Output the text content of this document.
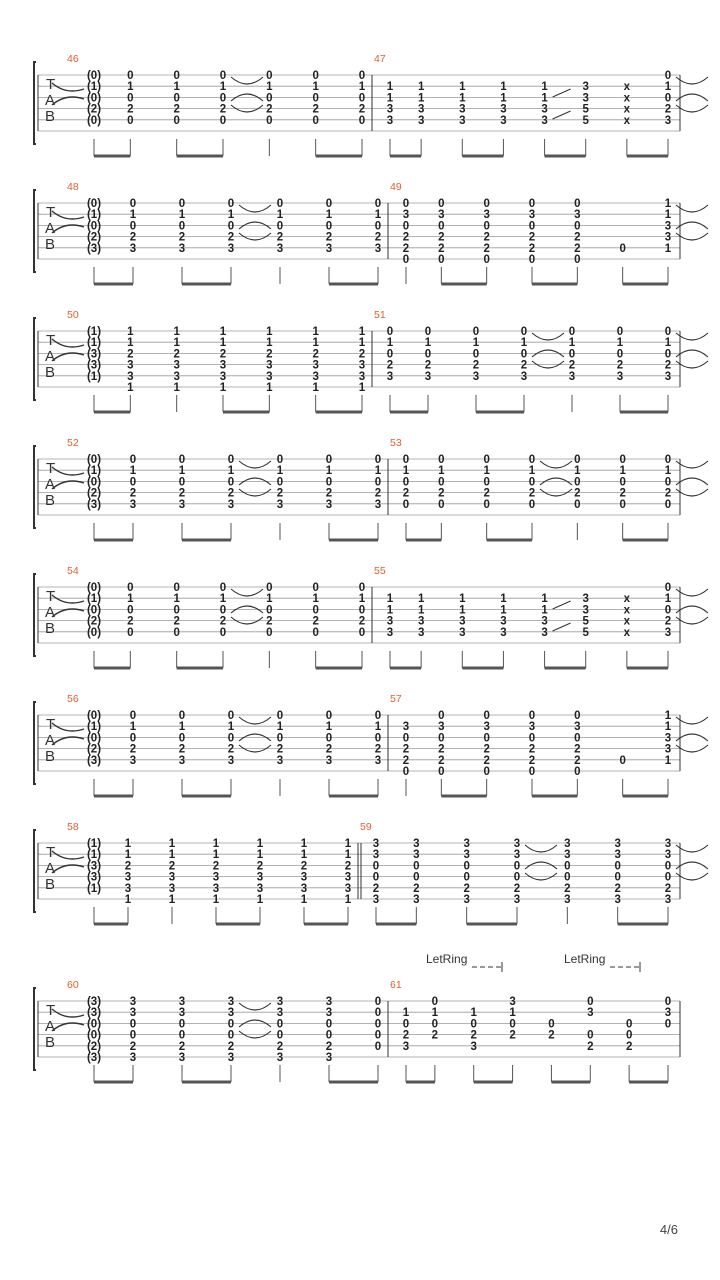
T
A
B
46
(0)
(1)
(0)
(2)
(0)
0
1
0
2
0
0
1
0
2
0
0
1
0
2
0
0
1
0
2
0
0
1
0
2
0
0
1
0
2
0
47
1
1
3
3
1
1
3
3
1
1
3
3
1
1
3
3
1
1
3
3
3
3
5
5
x
x
x
x
0
1
0
2
3
T
A
B
48
(0)
(1)
(0)
(2)
(3)
0
1
0
2
3
0
1
0
2
3
0
1
0
2
3
0
1
0
2
3
0
1
0
2
3
0
1
0
2
3
49
0
3
0
2
2
0
0
3
0
2
2
0
0
3
0
2
2
0
0
3
0
2
2
0
0
3
0
2
2
0
0
1
1
3
3
1
T
A
B
50
(1)
(1)
(3)
(3)
(1)
1
1
2
3
3
1
1
1
2
3
3
1
1
1
2
3
3
1
1
1
2
3
3
1
1
1
2
3
3
1
1
1
2
3
3
1
51
0
1
0
2
3
0
1
0
2
3
0
1
0
2
3
0
1
0
2
3
0
1
0
2
3
0
1
0
2
3
0
1
0
2
3
T
A
B
52
(0)
(1)
(0)
(2)
(3)
0
1
0
2
3
0
1
0
2
3
0
1
0
2
3
0
1
0
2
3
0
1
0
2
3
0
1
0
2
3
53
0
1
0
2
0
0
1
0
2
0
0
1
0
2
0
0
1
0
2
0
0
1
0
2
0
0
1
0
2
0
0
1
0
2
0
T
A
B
54
(0)
(1)
(0)
(2)
(0)
0
1
0
2
0
0
1
0
2
0
0
1
0
2
0
0
1
0
2
0
0
1
0
2
0
0
1
0
2
0
55
1
1
3
3
1
1
3
3
1
1
3
3
1
1
3
3
1
1
3
3
3
3
5
5
x
x
x
x
0
1
0
2
3
T
A
B
56
(0)
(1)
(0)
(2)
(3)
0
1
0
2
3
0
1
0
2
3
0
1
0
2
3
0
1
0
2
3
0
1
0
2
3
0
1
0
2
3
57
3
0
2
2
0
0
3
0
2
2
0
0
3
0
2
2
0
0
3
0
2
2
0
0
3
0
2
2
0
0
1
1
3
3
1
T
A
B
58
(1)
(1)
(3)
(3)
(1)
1
1
2
3
3
1
1
1
2
3
3
1
1
1
2
3
3
1
1
1
2
3
3
1
1
1
2
3
3
1
1
1
2
3
3
1
59
3
3
0
0
2
3
3
3
0
0
2
3
3
3
0
0
2
3
3
3
0
0
2
3
3
3
0
0
2
3
3
3
0
0
2
3
3
3
0
0
2
3
T
A
B
60
(3)
(3)
(0)
(0)
(2)
(3)
3
3
0
0
2
3
3
3
0
0
2
3
3
3
0
0
2
3
3
3
0
0
2
3
3
3
0
0
2
3
0
0
0
0
0
61
1
0
2
3
0
1
0
2
1
0
2
3
3
1
0
2
0
2
0
3
0
2
0
0
2
0
3
0
LetRing	LetRing
4/6
